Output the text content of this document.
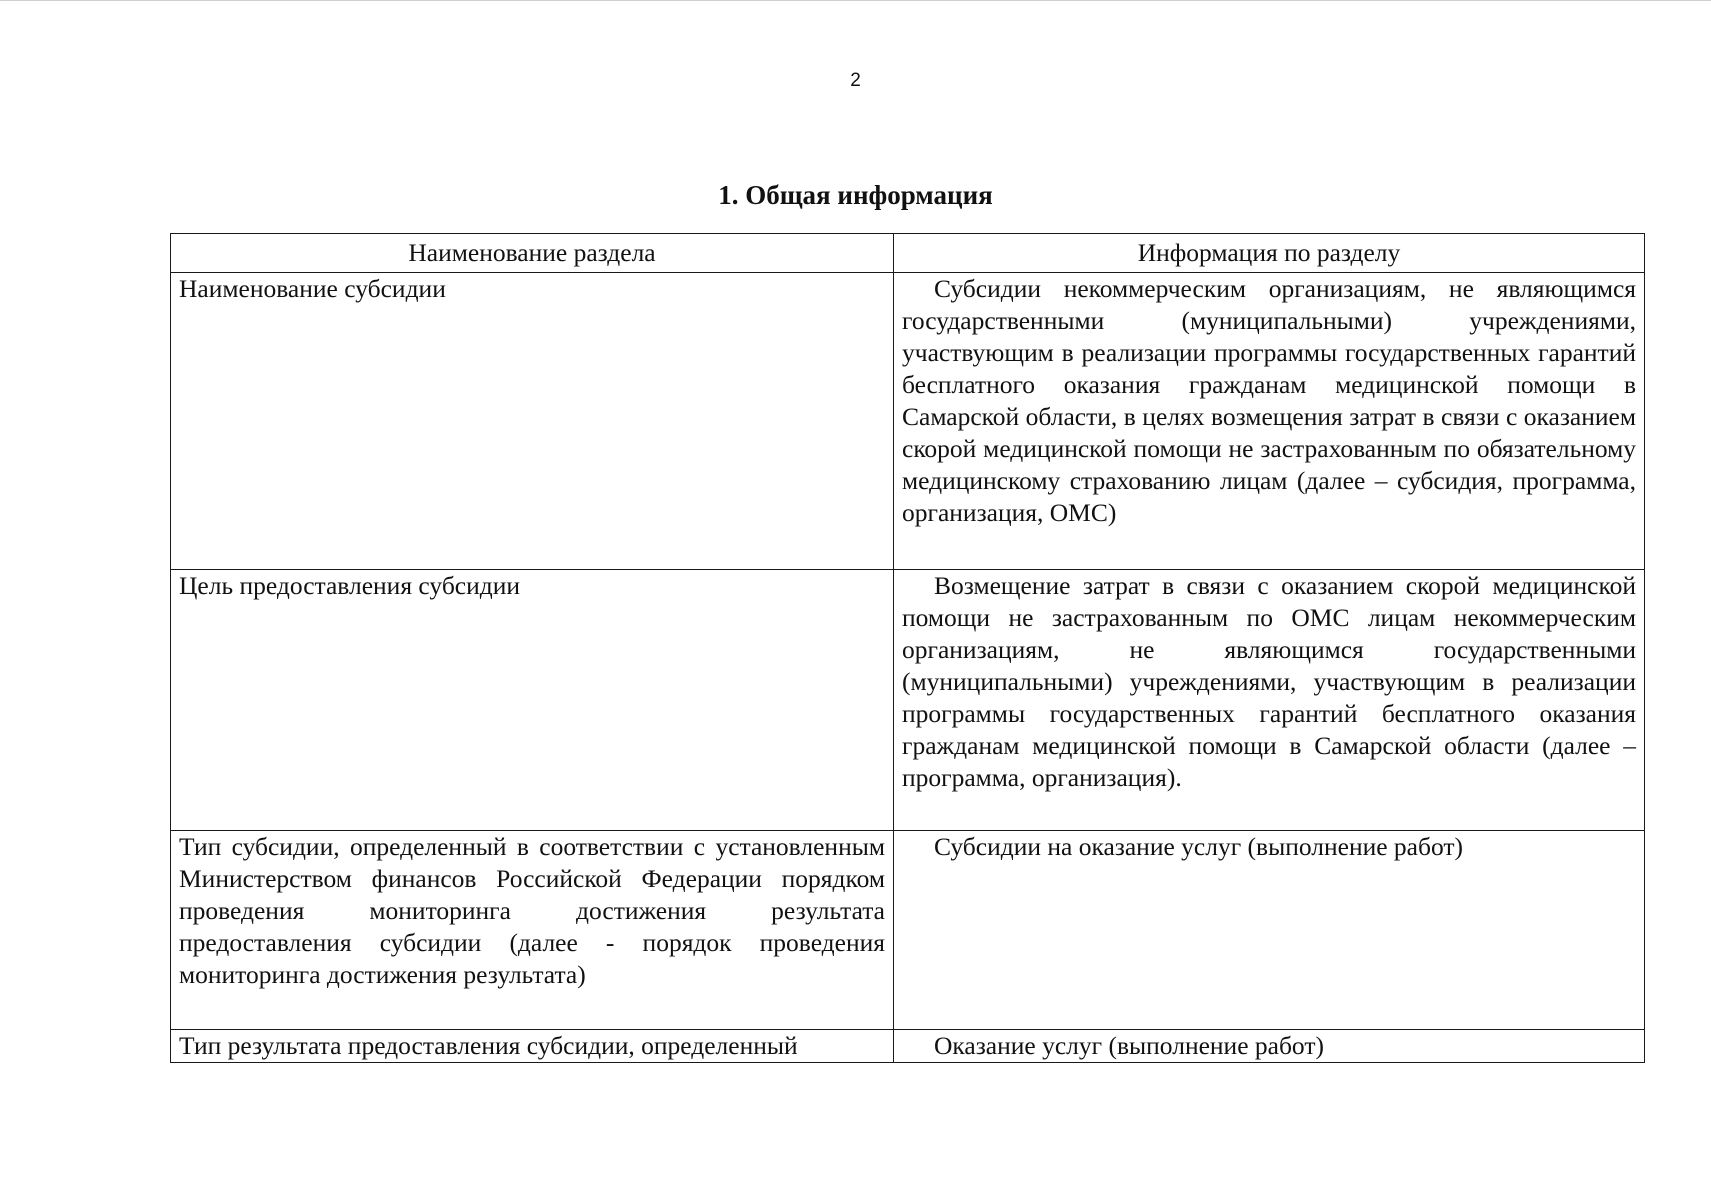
2
1. Общая информация
Наименование раздела	Информация по разделу
Наименование субсидии	Субсидии некоммерческим организациям, не являющимся государственными (муниципальными) учреждениями, участвующим в реализации программы государственных гарантий бесплатного оказания гражданам медицинской помощи в Самарской области, в целях возмещения затрат в связи с оказанием скорой медицинской помощи не застрахованным по обязательному медицинскому страхованию лицам (далее – субсидия, программа, организация, ОМС)
Цель предоставления субсидии	Возмещение затрат в связи с оказанием скорой медицинской помощи не застрахованным по ОМС лицам некоммерческим организациям, не являющимся государственными (муниципальными) учреждениями, участвующим в реализации программы государственных гарантий бесплатного оказания гражданам медицинской помощи в Самарской области (далее – программа, организация).
Тип субсидии, определенный в соответствии с установленным Министерством финансов Российской Федерации порядком проведения мониторинга достижения результата предоставления субсидии (далее - порядок проведения мониторинга достижения результата)	Субсидии на оказание услуг (выполнение работ)
Тип результата предоставления субсидии, определенный	Оказание услуг (выполнение работ)
